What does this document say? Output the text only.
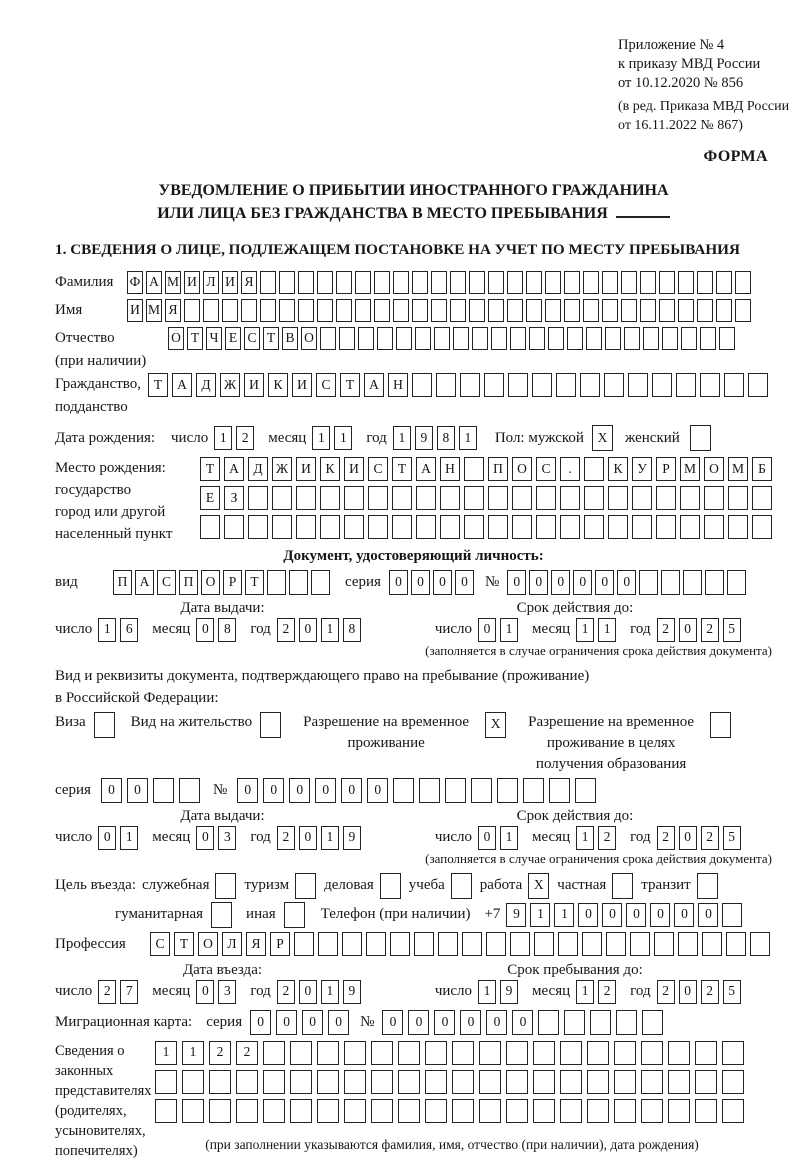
Приложение № 4
к приказу МВД России
от 10.12.2020 № 856
(в ред. Приказа МВД России
от 16.11.2022 № 867)
ФОРМА
УВЕДОМЛЕНИЕ О ПРИБЫТИИ ИНОСТРАННОГО ГРАЖДАНИНА
ИЛИ ЛИЦА БЕЗ ГРАЖДАНСТВА В МЕСТО ПРЕБЫВАНИЯ
1. СВЕДЕНИЯ О ЛИЦЕ, ПОДЛЕЖАЩЕМ ПОСТАНОВКЕ НА УЧЕТ ПО МЕСТУ ПРЕБЫВАНИЯ
Фамилия	Ф А М И Л И Я
Имя	И М Я
Отчество
(при наличии)
О Т Ч Е С Т В О
Гражданство,
подданство
Т	А	Д Ж И	К	И	С	Т	А	Н
Дата рождения:	число 1	2	месяц 1	1	год 1	9	8	1	Пол: мужской	X	женский
Место рождения:
государство
город или другой
населенный пункт
Т	А	Д Ж И	К	И	С	Т	А	Н	П	О	С	.	К	У	Р	М О М	Б
Е	З
Документ, удостоверяющий личность:
вид	П А С П О Р	Т	серия	0	0	0	0	№	0	0	0	0	0	0
Дата выдачи:	Срок действия до:
число 1	6	месяц 0	8	год 2	0	1	8	число 0	1	месяц 1	1	год 2	0	2	5
(заполняется в случае ограничения срока действия документа)
Вид и реквизиты документа, подтверждающего право на пребывание (проживание)
в Российской Федерации:
Виза	Вид на жительство	Разрешение на временное проживание
X	Разрешение на временное проживание в целях получения образования
серия	0	0	№	0	0	0	0	0	0
Дата выдачи:	Срок действия до:
число 0	1	месяц 0	3	год 2	0	1	9	число 0	1	месяц 1	2	год 2	0	2	5
(заполняется в случае ограничения срока действия документа)
Цель въезда: служебная туризм деловая учеба работа X частная транзит
гуманитарная	иная	Телефон (при наличии) +7 9	1	1	0	0	0	0	0	0
Профессия	С	Т	О	Л	Я	Р
Дата въезда:	Срок пребывания до:
число 2	7	месяц 0	3	год 2	0	1	9	число 1	9	месяц 1	2	год 2	0	2	5
Миграционная карта: серия	0	0	0	0	№	0	0	0	0	0	0
Сведения о
законных
представителях
(родителях,
усыновителях,
попечителях)
1	1	2	2
(при заполнении указываются фамилия, имя, отчество (при наличии), дата рождения)
